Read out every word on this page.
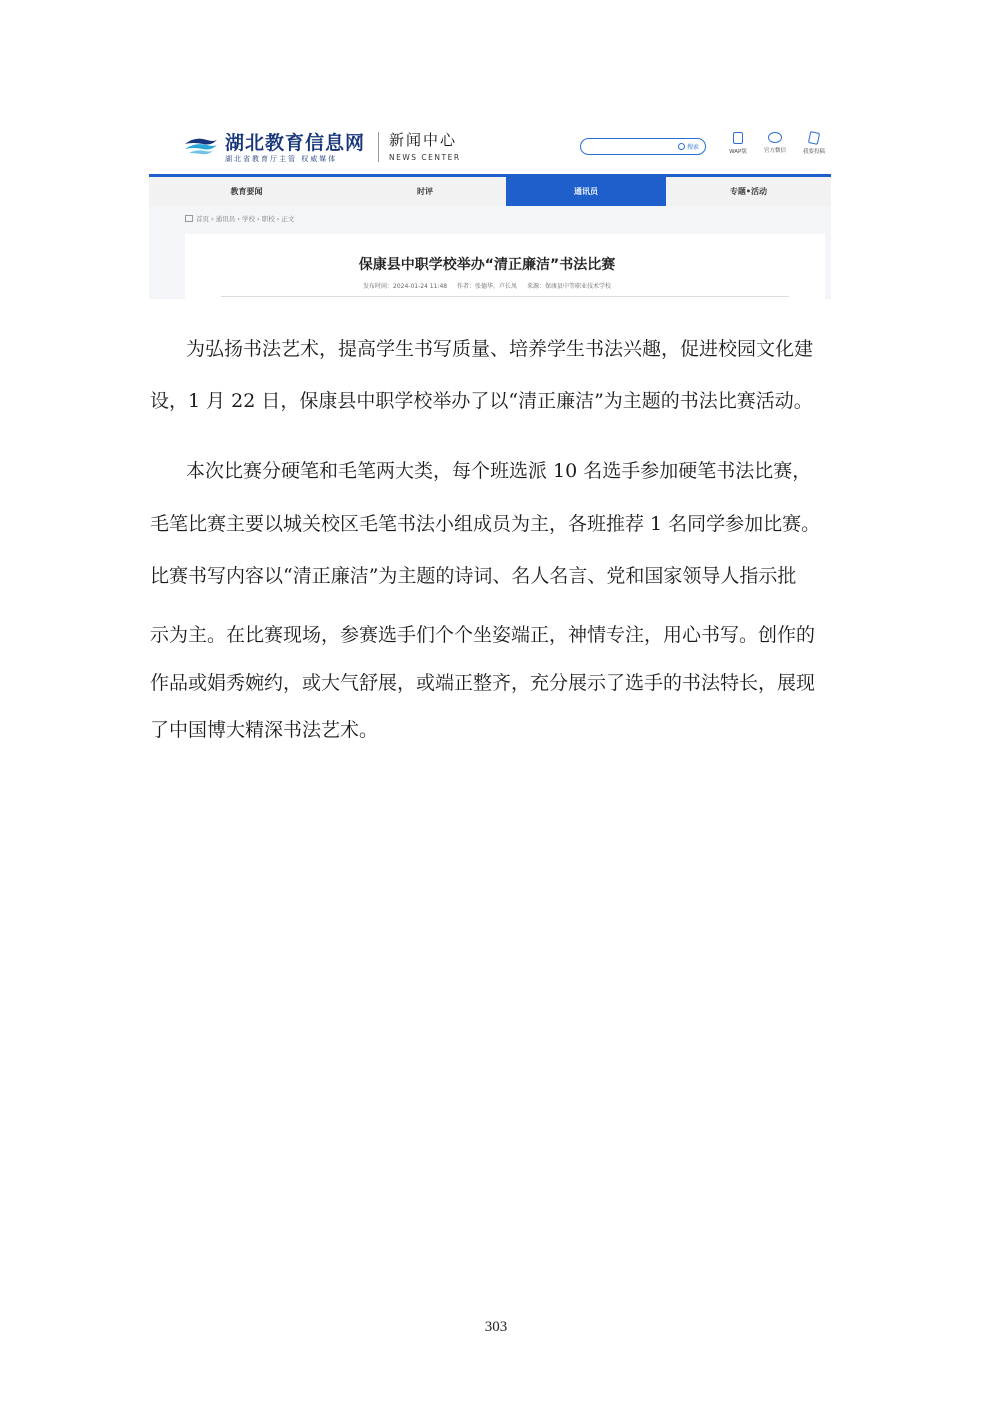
湖北教育信息网
湖北省教育厅主管 权威媒体
新闻中心
NEWS CENTER
搜索
WAP版	官方微信	我要投稿
教育要闻	时评	通讯员	专题•活动
首页 › 通讯员 › 学校 › 职校 › 正文
保康县中职学校举办“清正廉洁”书法比赛
发布时间：2024-01-24 11:48 作者：张德华、卢长凤 来源：保康县中等职业技术学校
为弘扬书法艺术，提高学生书写质量、培养学生书法兴趣，促进校园文化建
设，1 月 22 日，保康县中职学校举办了以“清正廉洁”为主题的书法比赛活动。
本次比赛分硬笔和毛笔两大类，每个班选派 10 名选手参加硬笔书法比赛，
毛笔比赛主要以城关校区毛笔书法小组成员为主，各班推荐 1 名同学参加比赛。
比赛书写内容以“清正廉洁”为主题的诗词、名人名言、党和国家领导人指示批
示为主。在比赛现场，参赛选手们个个坐姿端正，神情专注，用心书写。创作的
作品或娟秀婉约，或大气舒展，或端正整齐，充分展示了选手的书法特长，展现
了中国博大精深书法艺术。
303
